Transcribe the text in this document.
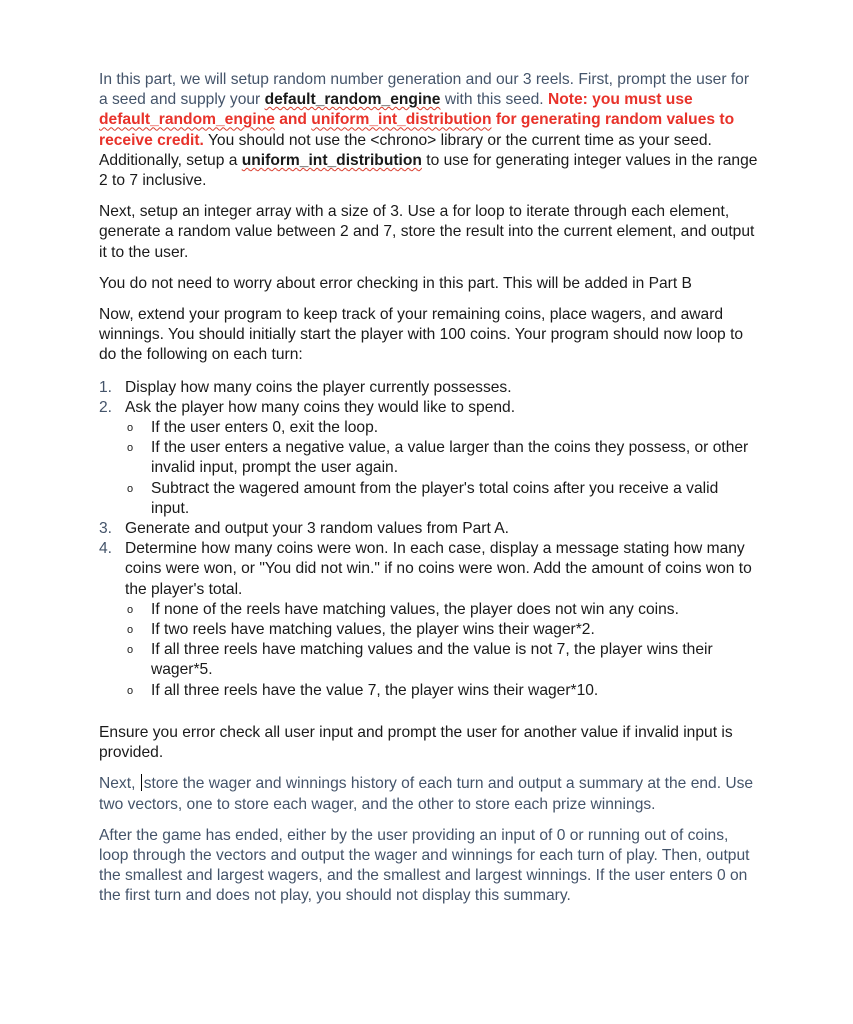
In this part, we will setup random number generation and our 3 reels. First, prompt the user for a seed and supply your default_random_engine with this seed. Note: you must use default_random_engine and uniform_int_distribution for generating random values to receive credit. You should not use the <chrono> library or the current time as your seed. Additionally, setup a uniform_int_distribution to use for generating integer values in the range 2 to 7 inclusive.

Next, setup an integer array with a size of 3. Use a for loop to iterate through each element, generate a random value between 2 and 7, store the result into the current element, and output it to the user.

You do not need to worry about error checking in this part. This will be added in Part B

Now, extend your program to keep track of your remaining coins, place wagers, and award winnings. You should initially start the player with 100 coins. Your program should now loop to do the following on each turn:

1. Display how many coins the player currently possesses.
2. Ask the player how many coins they would like to spend.
o If the user enters 0, exit the loop.
o If the user enters a negative value, a value larger than the coins they possess, or other invalid input, prompt the user again.
o Subtract the wagered amount from the player's total coins after you receive a valid input.
3. Generate and output your 3 random values from Part A.
4. Determine how many coins were won. In each case, display a message stating how many coins were won, or "You did not win." if no coins were won. Add the amount of coins won to the player's total.
o If none of the reels have matching values, the player does not win any coins.
o If two reels have matching values, the player wins their wager*2.
o If all three reels have matching values and the value is not 7, the player wins their wager*5.
o If all three reels have the value 7, the player wins their wager*10.

Ensure you error check all user input and prompt the user for another value if invalid input is provided.

Next, store the wager and winnings history of each turn and output a summary at the end. Use two vectors, one to store each wager, and the other to store each prize winnings.

After the game has ended, either by the user providing an input of 0 or running out of coins, loop through the vectors and output the wager and winnings for each turn of play. Then, output the smallest and largest wagers, and the smallest and largest winnings. If the user enters 0 on the first turn and does not play, you should not display this summary.
